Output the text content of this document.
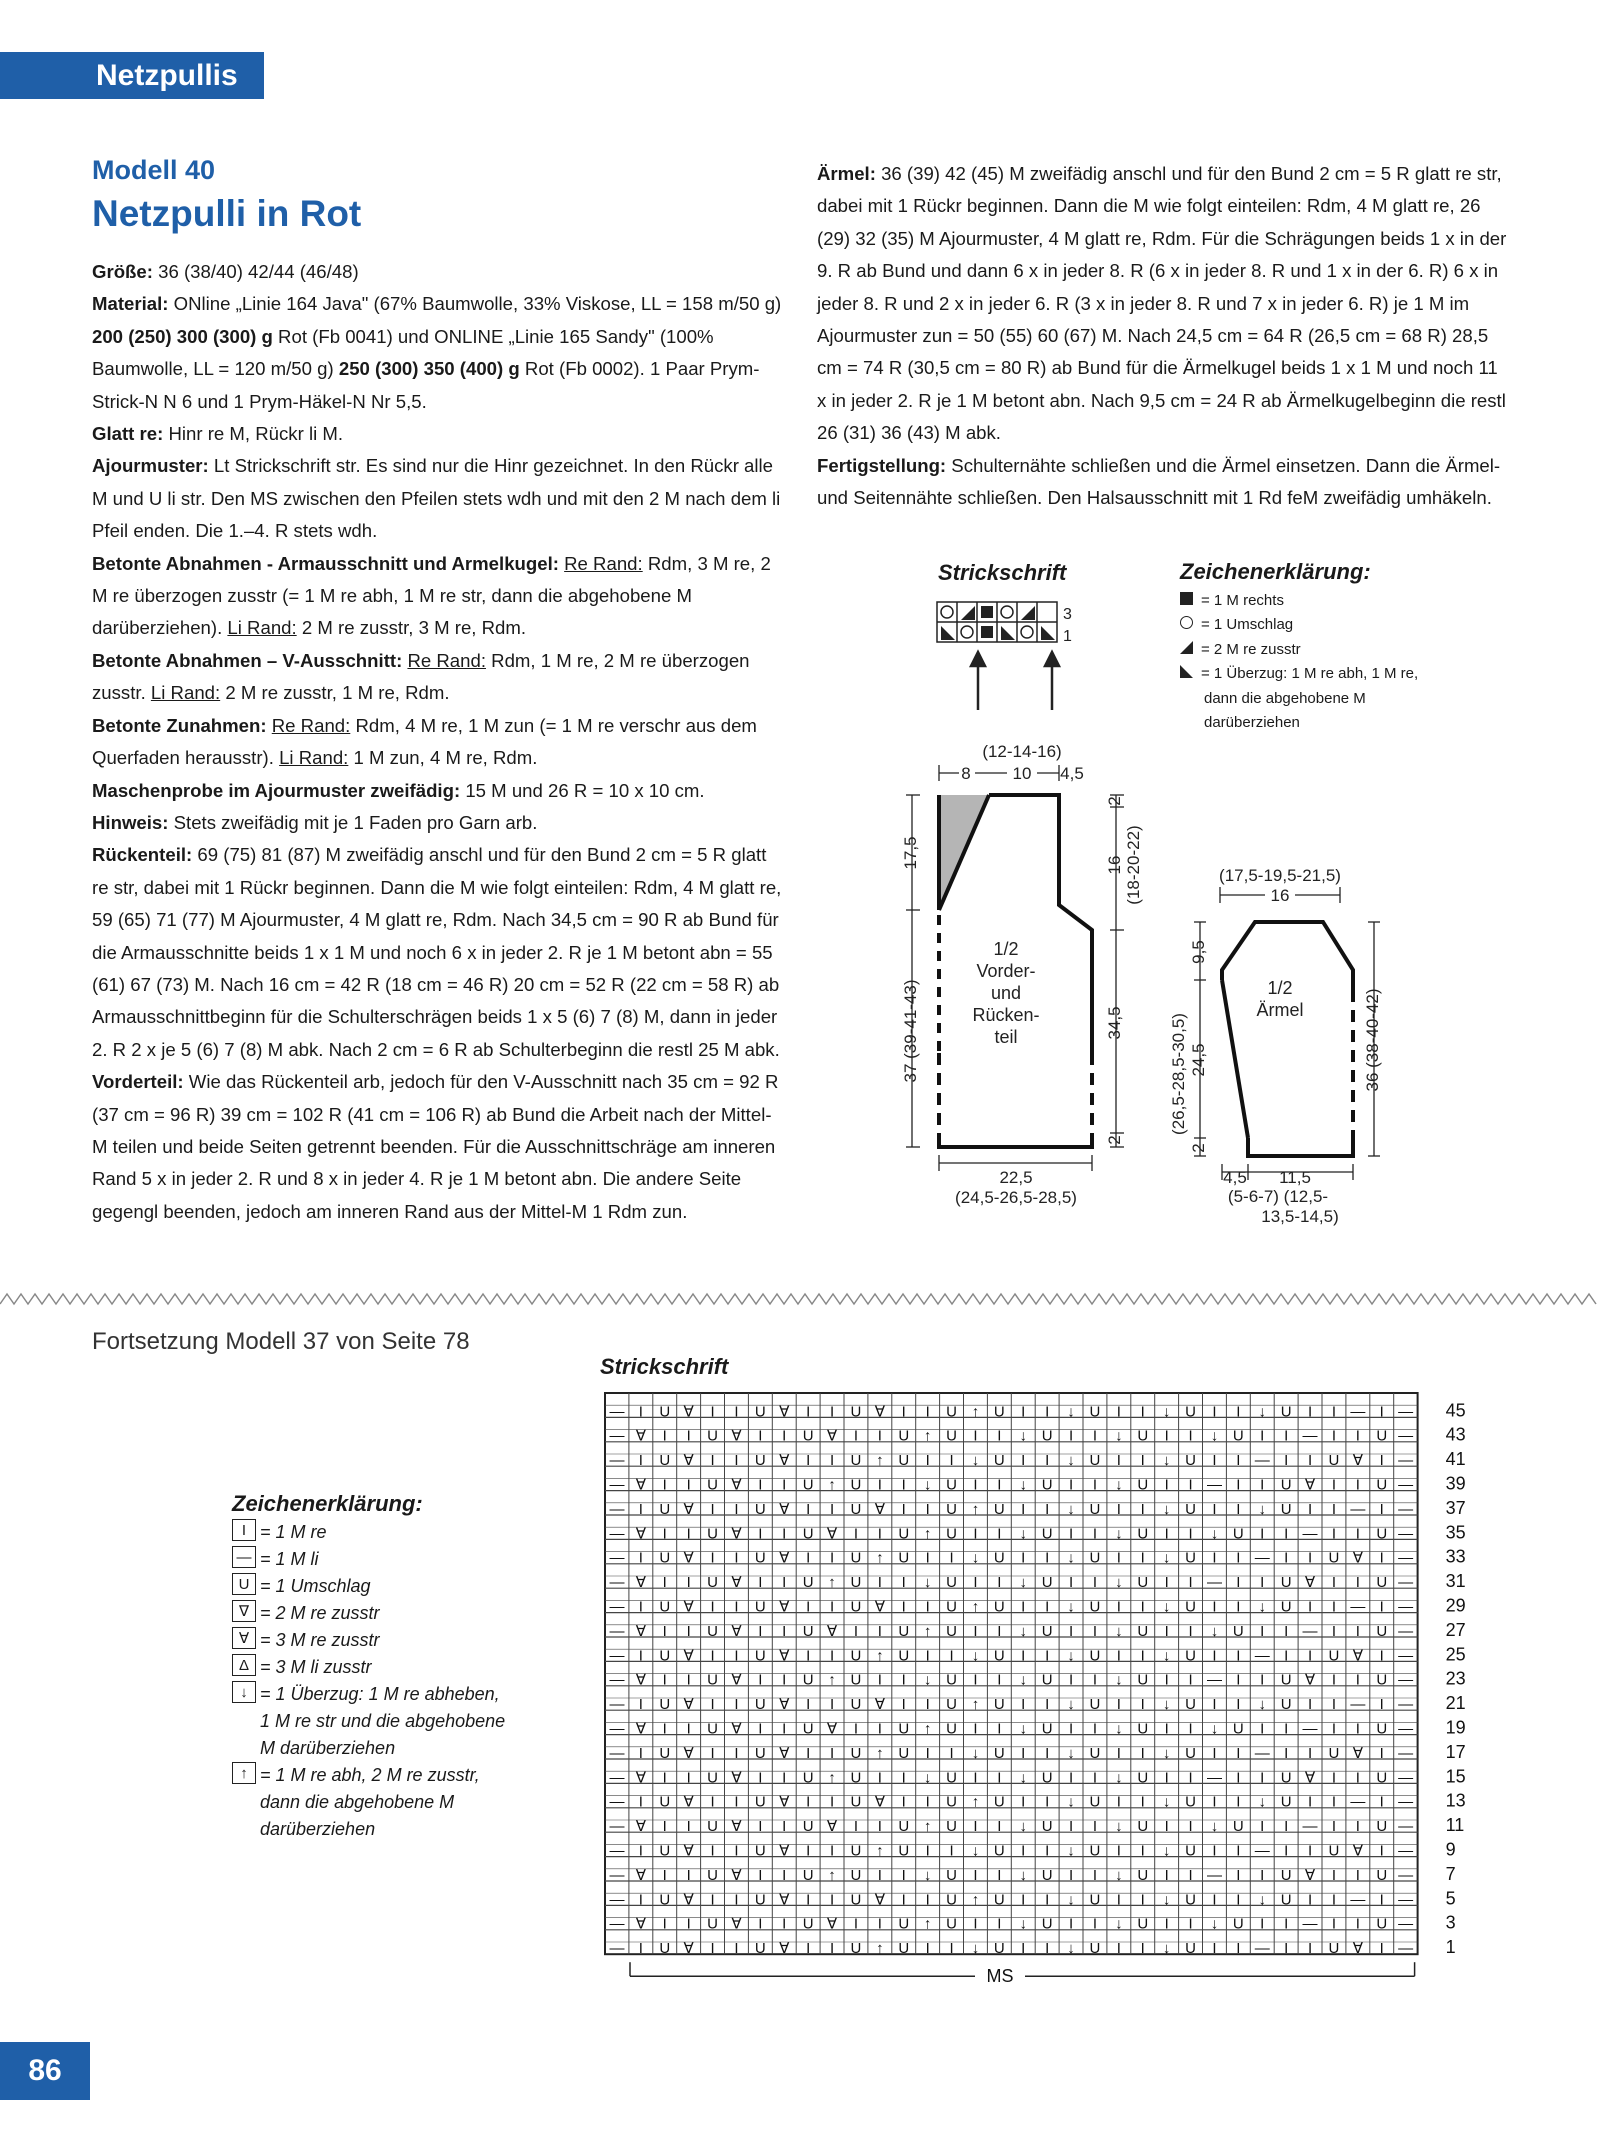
Netzpullis
Modell 40
Netzpulli in Rot

Größe: 36 (38/40) 42/44 (46/48)

Material: ONline „Linie 164 Java" (67% Baumwolle, 33% Viskose, LL = 158 m/50 g) 200 (250) 300 (300) g Rot (Fb 0041) und ONLINE „Linie 165 Sandy" (100% Baumwolle, LL = 120 m/50 g) 250 (300) 350 (400) g Rot (Fb 0002). 1 Paar Prym-Strick-N N 6 und 1 Prym-Häkel-N Nr 5,5.

Glatt re: Hinr re M, Rückr li M.

Ajourmuster: Lt Strickschrift str. Es sind nur die Hinr gezeichnet. In den Rückr alle M und U li str. Den MS zwischen den Pfeilen stets wdh und mit den 2 M nach dem li Pfeil enden. Die 1.–4. R stets wdh.

Betonte Abnahmen - Armausschnitt und Armelkugel: Re Rand: Rdm, 3 M re, 2 M re überzogen zusstr (= 1 M re abh, 1 M re str, dann die abgehobene M darüberziehen). Li Rand: 2 M re zusstr, 3 M re, Rdm.

Betonte Abnahmen – V-Ausschnitt: Re Rand: Rdm, 1 M re, 2 M re überzogen zusstr. Li Rand: 2 M re zusstr, 1 M re, Rdm.

Betonte Zunahmen: Re Rand: Rdm, 4 M re, 1 M zun (= 1 M re verschr aus dem Querfaden herausstr). Li Rand: 1 M zun, 4 M re, Rdm.

Maschenprobe im Ajourmuster zweifädig: 15 M und 26 R = 10 x 10 cm.

Hinweis: Stets zweifädig mit je 1 Faden pro Garn arb.

Rückenteil: 69 (75) 81 (87) M zweifädig anschl und für den Bund 2 cm = 5 R glatt re str, dabei mit 1 Rückr beginnen. Dann die M wie folgt einteilen: Rdm, 4 M glatt re, 59 (65) 71 (77) M Ajourmuster, 4 M glatt re, Rdm. Nach 34,5 cm = 90 R ab Bund für die Armausschnitte beids 1 x 1 M und noch 6 x in jeder 2. R je 1 M betont abn = 55 (61) 67 (73) M. Nach 16 cm = 42 R (18 cm = 46 R) 20 cm = 52 R (22 cm = 58 R) ab Armausschnittbeginn für die Schulterschrägen beids 1 x 5 (6) 7 (8) M, dann in jeder 2. R 2 x je 5 (6) 7 (8) M abk. Nach 2 cm = 6 R ab Schulterbeginn die restl 25 M abk.

Vorderteil: Wie das Rückenteil arb, jedoch für den V-Ausschnitt nach 35 cm = 92 R (37 cm = 96 R) 39 cm = 102 R (41 cm = 106 R) ab Bund die Arbeit nach der Mittel-M teilen und beide Seiten getrennt beenden. Für die Ausschnittschräge am inneren Rand 5 x in jeder 2. R und 8 x in jeder 4. R je 1 M betont abn. Die andere Seite gegengl beenden, jedoch am inneren Rand aus der Mittel-M 1 Rdm zun.

Ärmel: 36 (39) 42 (45) M zweifädig anschl und für den Bund 2 cm = 5 R glatt re str, dabei mit 1 Rückr beginnen. Dann die M wie folgt einteilen: Rdm, 4 M glatt re, 26 (29) 32 (35) M Ajourmuster, 4 M glatt re, Rdm. Für die Schrägungen beids 1 x in der 9. R ab Bund und dann 6 x in jeder 8. R (6 x in jeder 8. R und 1 x in der 6. R) 6 x in jeder 8. R und 2 x in jeder 6. R (3 x in jeder 8. R und 7 x in jeder 6. R) je 1 M im Ajourmuster zun = 50 (55) 60 (67) M. Nach 24,5 cm = 64 R (26,5 cm = 68 R) 28,5 cm = 74 R (30,5 cm = 80 R) ab Bund für die Ärmelkugel beids 1 x 1 M und noch 11 x in jeder 2. R je 1 M betont abn. Nach 9,5 cm = 24 R ab Ärmelkugelbeginn die restl 26 (31) 36 (43) M abk.

Fertigstellung: Schulternähte schließen und die Ärmel einsetzen. Dann die Ärmel- und Seitennähte schließen. Den Halsausschnitt mit 1 Rd feM zweifädig umhäkeln.

Strickschrift
3
1
Zeichenerklärung:
= 1 M rechts
= 1 Umschlag
= 2 M re zusstr
= 1 Überzug: 1 M re abh, 1 M re,
dann die abgehobene M
darüberziehen
(12-14-16)
8 10 4,5
1/2
Vorder-
und
Rücken-
teil
17,5
37 (39-41-43)
2
16 (18-20-22)
34,5
2
22,5
(24,5-26,5-28,5)
(17,5-19,5-21,5)
16
1/2
Ärmel
9,5
24,5
(26,5-28,5-30,5)
2
36 (38-40-42)
4,5 11,5
(5-6-7) (12,5-
13,5-14,5)
Fortsetzung Modell 37 von Seite 78
Strickschrift
— I U ∀ I I U ∀ I I U ∀ I I U ↑ U I I ↓ U I I ↓ U I I ↓ U I I — I — 45
— ∀ I I U ∀ I I U ∀ I I U ↑ U I I ↓ U I I ↓ U I I ↓ U I I — I I U — 43
— I U ∀ I I U ∀ I I U ↑ U I I ↓ U I I ↓ U I I ↓ U I I — I I U ∀ I — 41
— ∀ I I U ∀ I I U ↑ U I I ↓ U I I ↓ U I I ↓ U I I — I I U ∀ I I U — 39
— I U ∀ I I U ∀ I I U ∀ I I U ↑ U I I ↓ U I I ↓ U I I ↓ U I I — I — 37
— ∀ I I U ∀ I I U ∀ I I U ↑ U I I ↓ U I I ↓ U I I ↓ U I I — I I U — 35
— I U ∀ I I U ∀ I I U ↑ U I I ↓ U I I ↓ U I I ↓ U I I — I I U ∀ I — 33
— ∀ I I U ∀ I I U ↑ U I I ↓ U I I ↓ U I I ↓ U I I — I I U ∀ I I U — 31
— I U ∀ I I U ∀ I I U ∀ I I U ↑ U I I ↓ U I I ↓ U I I ↓ U I I — I — 29
— ∀ I I U ∀ I I U ∀ I I U ↑ U I I ↓ U I I ↓ U I I ↓ U I I — I I U — 27
— I U ∀ I I U ∀ I I U ↑ U I I ↓ U I I ↓ U I I ↓ U I I — I I U ∀ I — 25
— ∀ I I U ∀ I I U ↑ U I I ↓ U I I ↓ U I I ↓ U I I — I I U ∀ I I U — 23
— I U ∀ I I U ∀ I I U ∀ I I U ↑ U I I ↓ U I I ↓ U I I ↓ U I I — I — 21
— ∀ I I U ∀ I I U ∀ I I U ↑ U I I ↓ U I I ↓ U I I ↓ U I I — I I U — 19
— I U ∀ I I U ∀ I I U ↑ U I I ↓ U I I ↓ U I I ↓ U I I — I I U ∀ I — 17
— ∀ I I U ∀ I I U ↑ U I I ↓ U I I ↓ U I I ↓ U I I — I I U ∀ I I U — 15
— I U ∀ I I U ∀ I I U ∀ I I U ↑ U I I ↓ U I I ↓ U I I ↓ U I I — I — 13
— ∀ I I U ∀ I I U ∀ I I U ↑ U I I ↓ U I I ↓ U I I ↓ U I I — I I U — 11
— I U ∀ I I U ∀ I I U ↑ U I I ↓ U I I ↓ U I I ↓ U I I — I I U ∀ I — 9
— ∀ I I U ∀ I I U ↑ U I I ↓ U I I ↓ U I I ↓ U I I — I I U ∀ I I U — 7
— I U ∀ I I U ∀ I I U ∀ I I U ↑ U I I ↓ U I I ↓ U I I ↓ U I I — I — 5
— ∀ I I U ∀ I I U ∀ I I U ↑ U I I ↓ U I I ↓ U I I ↓ U I I — I I U — 3
— I U ∀ I I U ∀ I I U ↑ U I I ↓ U I I ↓ U I I ↓ U I I — I I U ∀ I — 1
MS
Zeichenerklärung:
I = 1 M re
— = 1 M li
U = 1 Umschlag
∇ = 2 M re zusstr
∀ = 3 M re zusstr
Δ = 3 M li zusstr
↓ = 1 Überzug: 1 M re abheben,
1 M re str und die abgehobene
M darüberziehen
↑ = 1 M re abh, 2 M re zusstr,
dann die abgehobene M
darüberziehen
86
